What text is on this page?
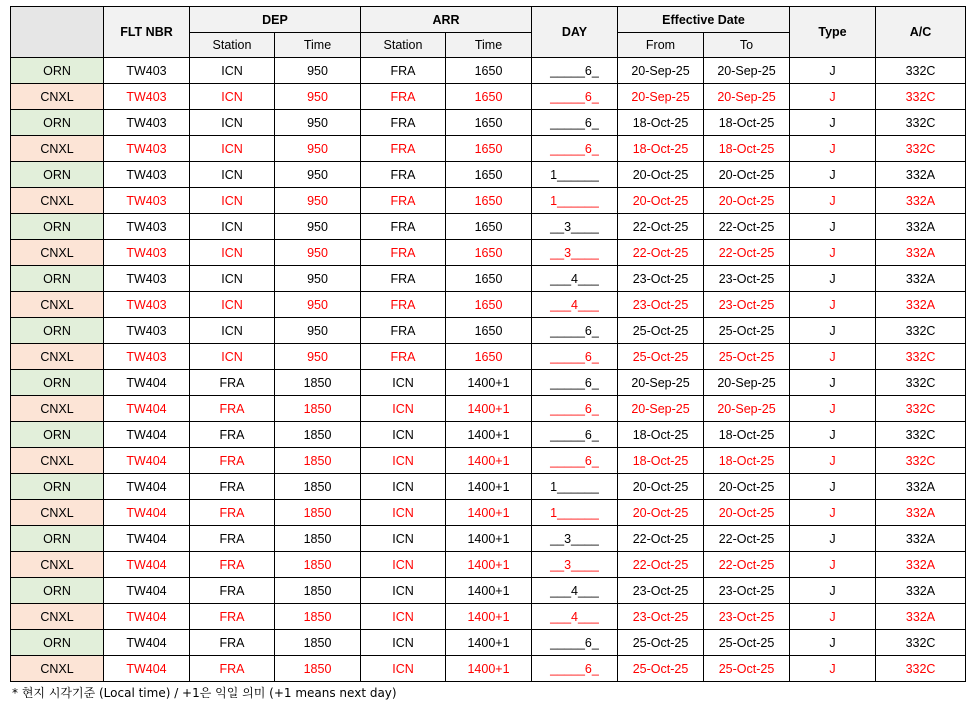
	FLT NBR	DEP		ARR		DAY	Effective Date		Type	A/C
		Station	Time	Station	Time		From	To		
ORN	TW403	ICN	950	FRA	1650	_____6_	20-Sep-25	20-Sep-25	J	332C
CNXL	TW403	ICN	950	FRA	1650	_____6_	20-Sep-25	20-Sep-25	J	332C
ORN	TW403	ICN	950	FRA	1650	_____6_	18-Oct-25	18-Oct-25	J	332C
CNXL	TW403	ICN	950	FRA	1650	_____6_	18-Oct-25	18-Oct-25	J	332C
ORN	TW403	ICN	950	FRA	1650	1______	20-Oct-25	20-Oct-25	J	332A
CNXL	TW403	ICN	950	FRA	1650	1______	20-Oct-25	20-Oct-25	J	332A
ORN	TW403	ICN	950	FRA	1650	__3____	22-Oct-25	22-Oct-25	J	332A
CNXL	TW403	ICN	950	FRA	1650	__3____	22-Oct-25	22-Oct-25	J	332A
ORN	TW403	ICN	950	FRA	1650	___4___	23-Oct-25	23-Oct-25	J	332A
CNXL	TW403	ICN	950	FRA	1650	___4___	23-Oct-25	23-Oct-25	J	332A
ORN	TW403	ICN	950	FRA	1650	_____6_	25-Oct-25	25-Oct-25	J	332C
CNXL	TW403	ICN	950	FRA	1650	_____6_	25-Oct-25	25-Oct-25	J	332C
ORN	TW404	FRA	1850	ICN	1400+1	_____6_	20-Sep-25	20-Sep-25	J	332C
CNXL	TW404	FRA	1850	ICN	1400+1	_____6_	20-Sep-25	20-Sep-25	J	332C
ORN	TW404	FRA	1850	ICN	1400+1	_____6_	18-Oct-25	18-Oct-25	J	332C
CNXL	TW404	FRA	1850	ICN	1400+1	_____6_	18-Oct-25	18-Oct-25	J	332C
ORN	TW404	FRA	1850	ICN	1400+1	1______	20-Oct-25	20-Oct-25	J	332A
CNXL	TW404	FRA	1850	ICN	1400+1	1______	20-Oct-25	20-Oct-25	J	332A
ORN	TW404	FRA	1850	ICN	1400+1	__3____	22-Oct-25	22-Oct-25	J	332A
CNXL	TW404	FRA	1850	ICN	1400+1	__3____	22-Oct-25	22-Oct-25	J	332A
ORN	TW404	FRA	1850	ICN	1400+1	___4___	23-Oct-25	23-Oct-25	J	332A
CNXL	TW404	FRA	1850	ICN	1400+1	___4___	23-Oct-25	23-Oct-25	J	332A
ORN	TW404	FRA	1850	ICN	1400+1	_____6_	25-Oct-25	25-Oct-25	J	332C
CNXL	TW404	FRA	1850	ICN	1400+1	_____6_	25-Oct-25	25-Oct-25	J	332C
* 현지 시각기준 (Local time) / +1은 익일 의미 (+1 means next day)
